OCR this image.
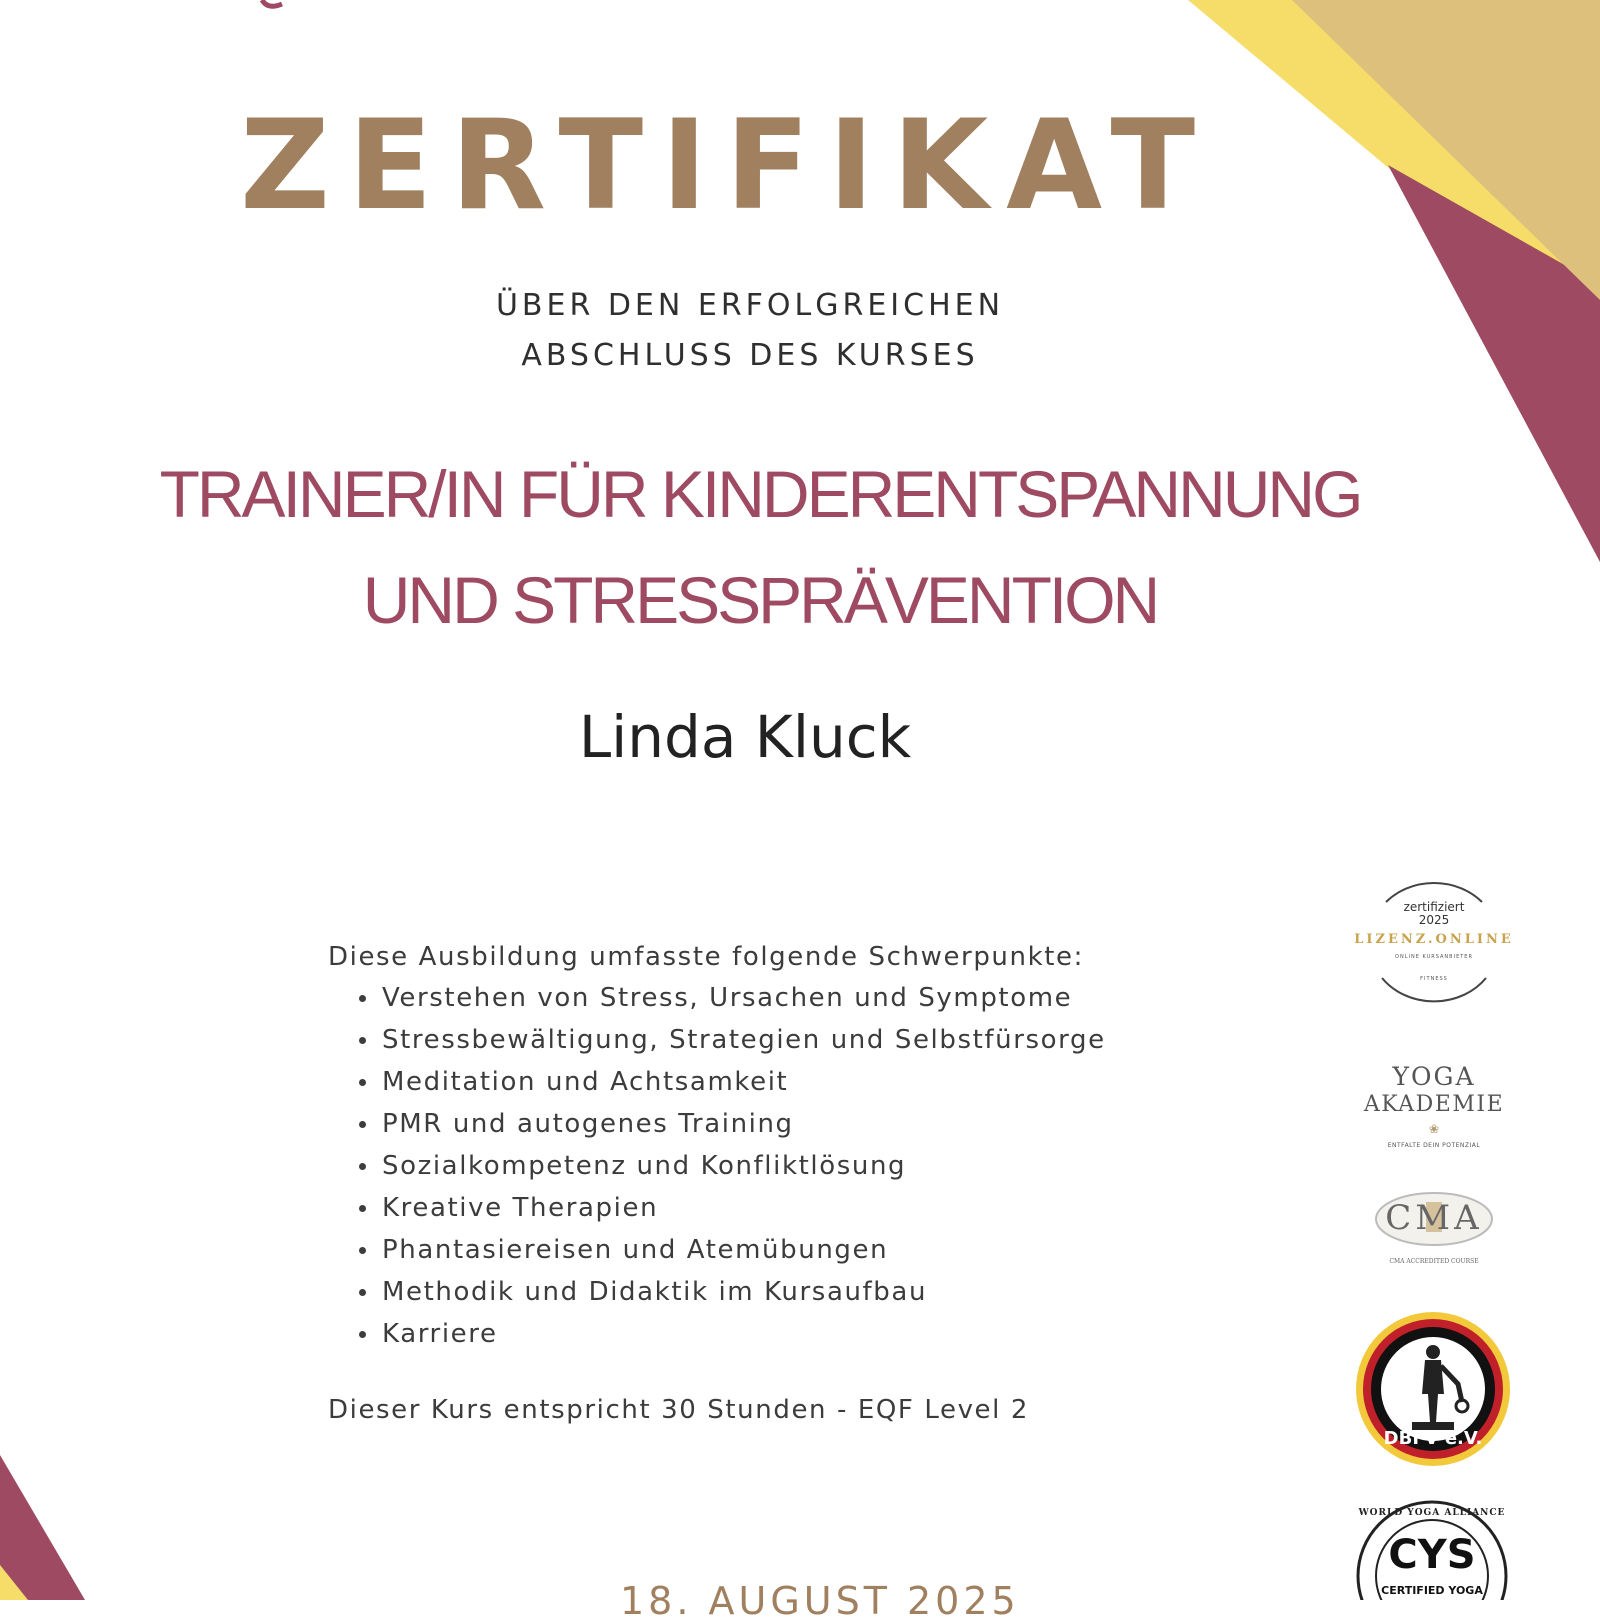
ZERTIFIKAT
ÜBER DEN ERFOLGREICHEN
ABSCHLUSS DES KURSES
TRAINER/IN FÜR KINDERENTSPANNUNG
UND STRESSPRÄVENTION
Linda Kluck
Diese Ausbildung umfasste folgende Schwerpunkte:
Verstehen von Stress, Ursachen und Symptome
Stressbewältigung, Strategien und Selbstfürsorge
Meditation und Achtsamkeit
PMR und autogenes Training
Sozialkompetenz und Konfliktlösung
Kreative Therapien
Phantasiereisen und Atemübungen
Methodik und Didaktik im Kursaufbau
Karriere
Dieser Kurs entspricht 30 Stunden - EQF Level 2
18. AUGUST 2025
zertifiziert
2025
LIZENZ.ONLINE
ONLINE KURSANBIETER
FITNESS
YOGA
AKADEMIE
❀
ENTFALTE DEIN POTENZIAL
CMA
CMA ACCREDITED COURSE
DBFV e.V.
WORLD YOGA ALLIANCE
CYS
CERTIFIED YOGA
